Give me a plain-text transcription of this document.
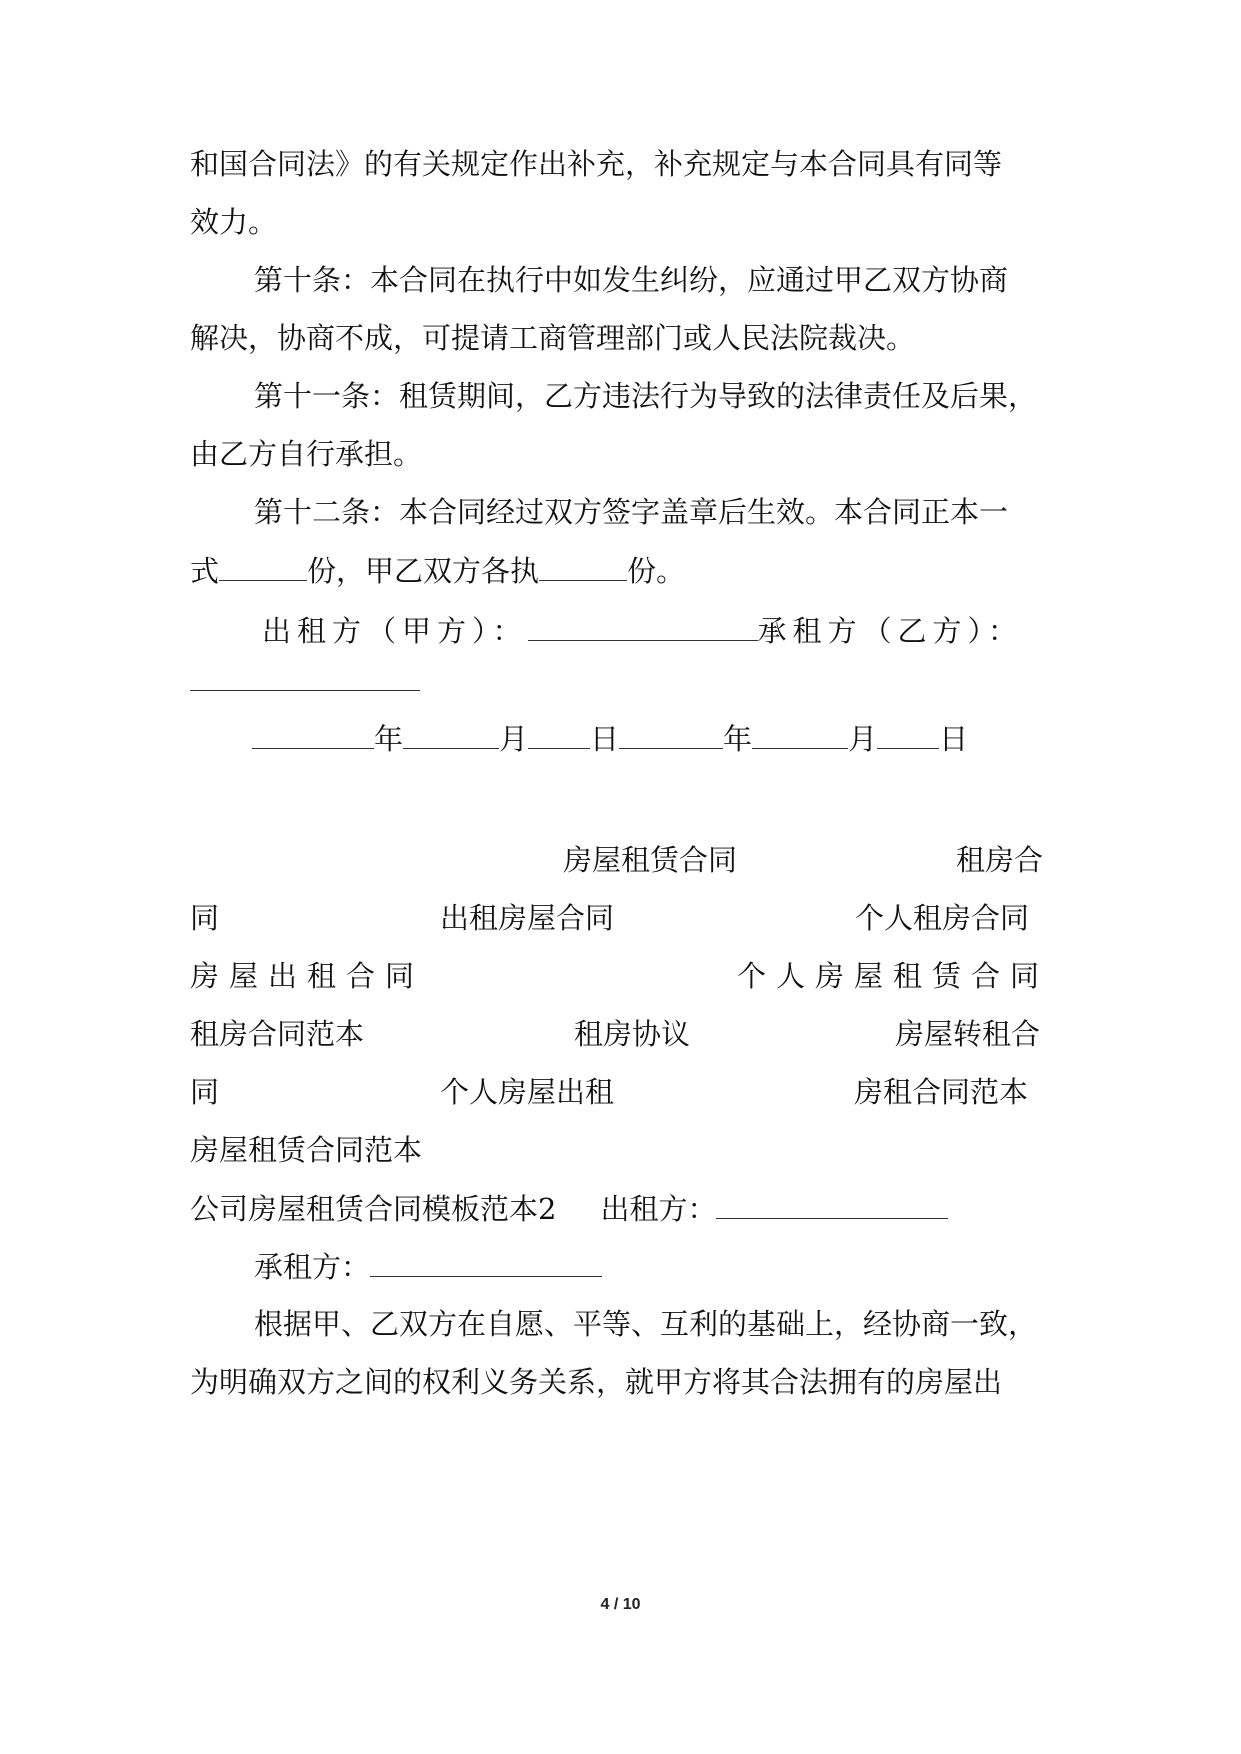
和国合同法》的有关规定作出补充，补充规定与本合同具有同等
效力。
第十条：本合同在执行中如发生纠纷，应通过甲乙双方协商
解决，协商不成，可提请工商管理部门或人民法院裁决。
第十一条：租赁期间，乙方违法行为导致的法律责任及后果，
由乙方自行承担。
第十二条：本合同经过双方签字盖章后生效。本合同正本一
式	份，甲乙双方各执	份。
出租方（甲方）：	承租方（乙方）：
年	月 日	年	月 日
房屋租赁合同	租房合
同	出租房屋合同	个人租房合同
房屋出租合同	个人房屋租赁合同
租房合同范本	租房协议	房屋转租合
同	个人房屋出租	房租合同范本
房屋租赁合同范本
公司房屋租赁合同模板范本2 出租方：
承租方：
根据甲、乙双方在自愿、平等、互利的基础上，经协商一致，
为明确双方之间的权利义务关系，就甲方将其合法拥有的房屋出
4 / 10
